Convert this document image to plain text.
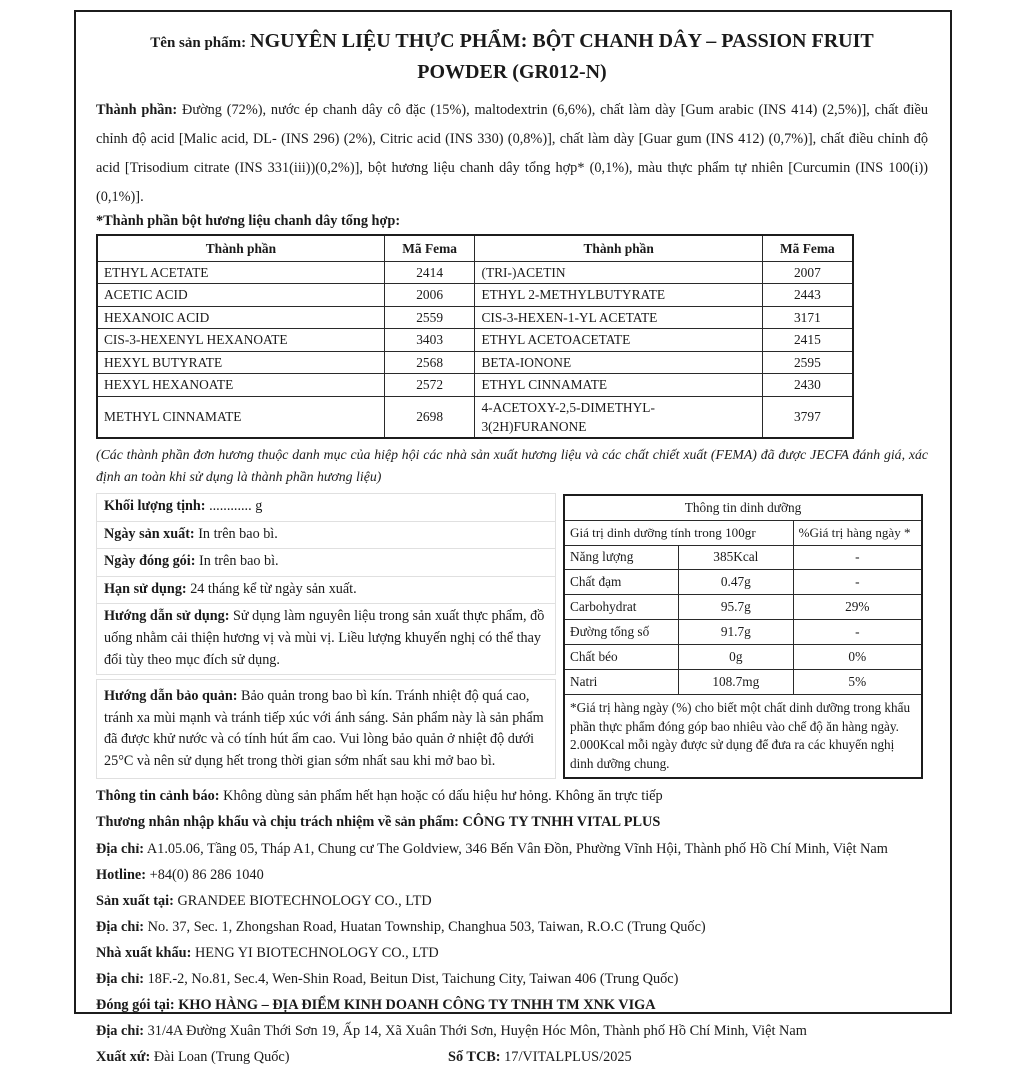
Tên sản phẩm: NGUYÊN LIỆU THỰC PHẨM: BỘT CHANH DÂY – PASSION FRUIT POWDER (GR012-N)
Thành phần: Đường (72%), nước ép chanh dây cô đặc (15%), maltodextrin (6,6%), chất làm dày [Gum arabic (INS 414) (2,5%)], chất điều chỉnh độ acid [Malic acid, DL- (INS 296) (2%), Citric acid (INS 330) (0,8%)], chất làm dày [Guar gum (INS 412) (0,7%)], chất điều chỉnh độ acid [Trisodium citrate (INS 331(iii))(0,2%)], bột hương liệu chanh dây tổng hợp* (0,1%), màu thực phẩm tự nhiên [Curcumin (INS 100(i)) (0,1%)].
*Thành phần bột hương liệu chanh dây tổng hợp:
Thành phần	Mã Fema	Thành phần	Mã Fema
ETHYL ACETATE	2414	(TRI-)ACETIN	2007
ACETIC ACID	2006	ETHYL 2-METHYLBUTYRATE	2443
HEXANOIC ACID	2559	CIS-3-HEXEN-1-YL ACETATE	3171
CIS-3-HEXENYL HEXANOATE	3403	ETHYL ACETOACETATE	2415
HEXYL BUTYRATE	2568	BETA-IONONE	2595
HEXYL HEXANOATE	2572	ETHYL CINNAMATE	2430
METHYL CINNAMATE	2698	4-ACETOXY-2,5-DIMETHYL-3(2H)FURANONE	3797
(Các thành phần đơn hương thuộc danh mục của hiệp hội các nhà sản xuất hương liệu và các chất chiết xuất (FEMA) đã được JECFA đánh giá, xác định an toàn khi sử dụng là thành phần hương liệu)
Khối lượng tịnh: ............ g
Ngày sản xuất: In trên bao bì.
Ngày đóng gói: In trên bao bì.
Hạn sử dụng: 24 tháng kể từ ngày sản xuất.
Hướng dẫn sử dụng: Sử dụng làm nguyên liệu trong sản xuất thực phẩm, đồ uống nhằm cải thiện hương vị và mùi vị. Liều lượng khuyến nghị có thể thay đổi tùy theo mục đích sử dụng.
Hướng dẫn bảo quản: Bảo quản trong bao bì kín. Tránh nhiệt độ quá cao, tránh xa mùi mạnh và tránh tiếp xúc với ánh sáng. Sản phẩm này là sản phẩm đã được khử nước và có tính hút ẩm cao. Vui lòng bảo quản ở nhiệt độ dưới 25°C và nên sử dụng hết trong thời gian sớm nhất sau khi mở bao bì.
Thông tin dinh dưỡng		
Giá trị dinh dưỡng tính trong 100gr		%Giá trị hàng ngày *
Năng lượng	385Kcal	-
Chất đạm	0.47g	-
Carbohydrat	95.7g	29%
Đường tổng số	91.7g	-
Chất béo	0g	0%
Natri	108.7mg	5%
*Giá trị hàng ngày (%) cho biết một chất dinh dưỡng trong khẩu phần thực phẩm đóng góp bao nhiêu vào chế độ ăn hàng ngày. 2.000Kcal mỗi ngày được sử dụng để đưa ra các khuyến nghị dinh dưỡng chung.		
Thông tin cảnh báo: Không dùng sản phẩm hết hạn hoặc có dấu hiệu hư hỏng. Không ăn trực tiếp
Thương nhân nhập khẩu và chịu trách nhiệm về sản phẩm: CÔNG TY TNHH VITAL PLUS
Địa chỉ: A1.05.06, Tầng 05, Tháp A1, Chung cư The Goldview, 346 Bến Vân Đồn, Phường Vĩnh Hội, Thành phố Hồ Chí Minh, Việt Nam
Hotline: +84(0) 86 286 1040
Sản xuất tại: GRANDEE BIOTECHNOLOGY CO., LTD
Địa chỉ: No. 37, Sec. 1, Zhongshan Road, Huatan Township, Changhua 503, Taiwan, R.O.C (Trung Quốc)
Nhà xuất khẩu: HENG YI BIOTECHNOLOGY CO., LTD
Địa chỉ: 18F.-2, No.81, Sec.4, Wen-Shin Road, Beitun Dist, Taichung City, Taiwan 406 (Trung Quốc)
Đóng gói tại: KHO HÀNG – ĐỊA ĐIỂM KINH DOANH CÔNG TY TNHH TM XNK VIGA
Địa chỉ: 31/4A Đường Xuân Thới Sơn 19, Ấp 14, Xã Xuân Thới Sơn, Huyện Hóc Môn, Thành phố Hồ Chí Minh, Việt Nam
Xuất xứ: Đài Loan (Trung Quốc)	Số TCB: 17/VITALPLUS/2025
